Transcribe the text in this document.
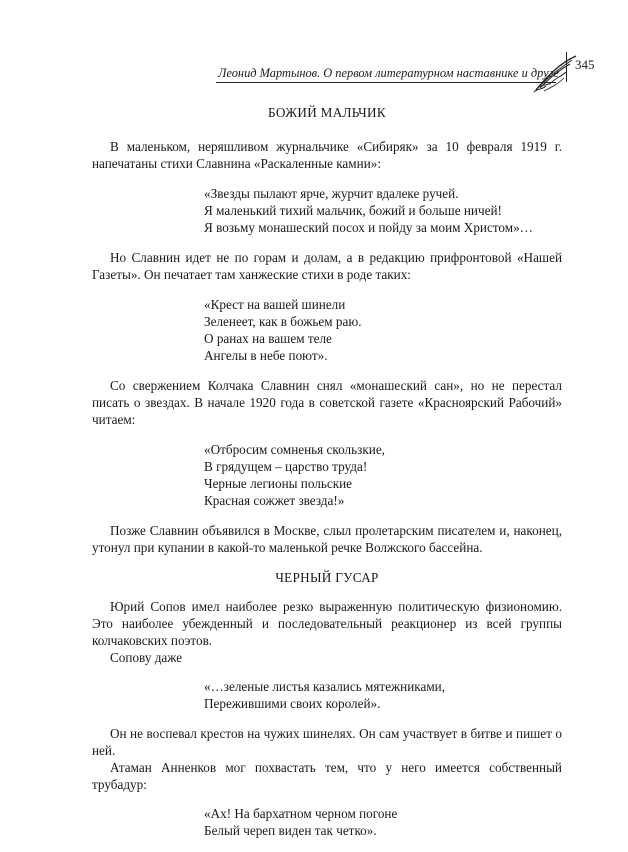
Леонид Мартынов. О первом литературном наставнике и друге
345
БОЖИЙ МАЛЬЧИК

В маленьком, неряшливом журнальчике «Сибиряк» за 10 февраля 1919 г. напечатаны стихи Славнина «Раскаленные камни»:

«Звезды пылают ярче, журчит вдалеке ручей.
Я маленький тихий мальчик, божий и больше ничей!
Я возьму монашеский посох и пойду за моим Христом»…

Но Славнин идет не по горам и долам, а в редакцию прифронтовой «Нашей Газеты». Он печатает там ханжеские стихи в роде таких:

«Крест на вашей шинели
Зеленеет, как в божьем раю.
О ранах на вашем теле
Ангелы в небе поют».

Со свержением Колчака Славнин снял «монашеский сан», но не перестал писать о звездах. В начале 1920 года в советской газете «Красноярский Рабочий» читаем:

«Отбросим сомненья скользкие,
В грядущем – царство труда!
Черные легионы польские
Красная сожжет звезда!»

Позже Славнин объявился в Москве, слыл пролетарским писателем и, наконец, утонул при купании в какой-то маленькой речке Волжского бассейна.

ЧЕРНЫЙ ГУСАР

Юрий Сопов имел наиболее резко выраженную политическую физиономию. Это наиболее убежденный и последовательный реакционер из всей группы колчаковских поэтов.

Сопову даже

«…зеленые листья казались мятежниками,
Пережившими своих королей».

Он не воспевал крестов на чужих шинелях. Он сам участвует в битве и пишет о ней.

Атаман Анненков мог похвастать тем, что у него имеется собственный трубадур:

«Ах! На бархатном черном погоне
Белый череп виден так четко».
